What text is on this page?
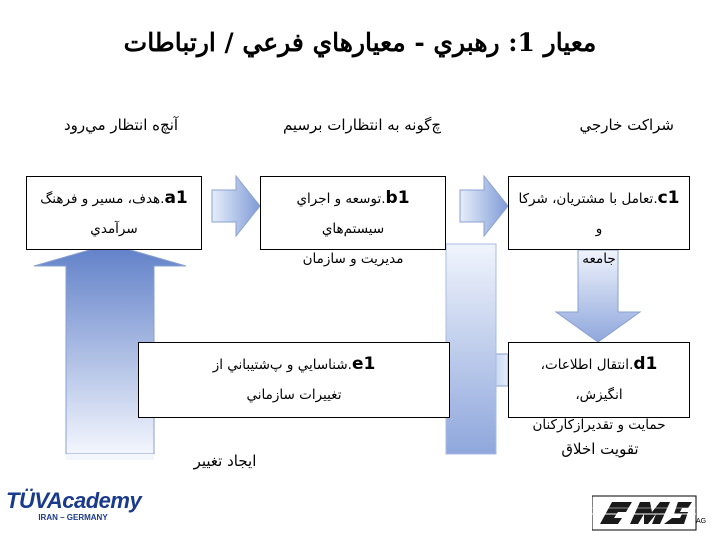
معيار 1: رهبري - معيارهاي فرعي / ارتباطات
شراكت خارجي
چ‌گونه به انتظارات برسيم
آنچ‌ه انتظار مي‌رود
c1.تعامل با مشتريان، شركا و
جامعه
b1.توسعه و اجراي سيستم‌هاي
مديريت و سازمان
a1.هدف، مسير و فرهنگ
سرآمدي
d1.انتقال اطلاعات، انگيزش،
حمايت و تقديرازكاركنان
e1.شناسايي و پ‌شتيباني از
تغييرات سازماني
تقويت اخلاق
ايجاد تغيير
TÜVAcademy
IRAN – GERMANY	AG
